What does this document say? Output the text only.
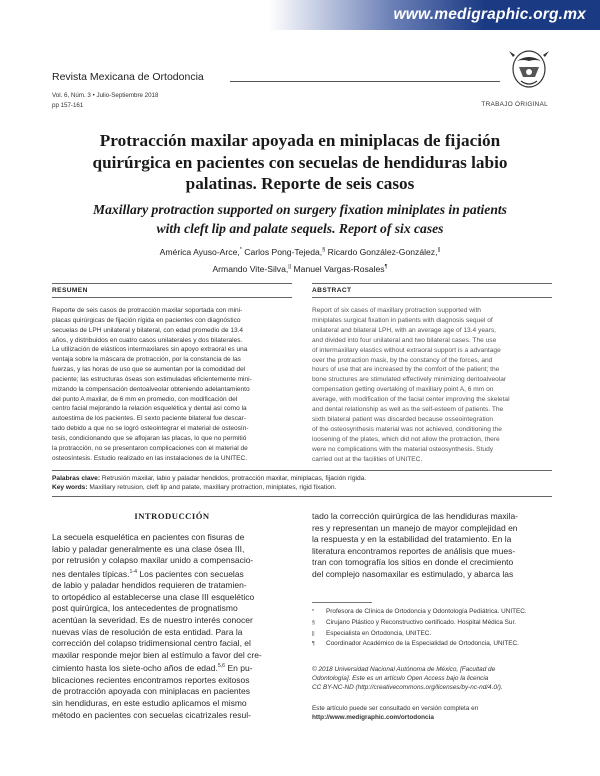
www.medigraphic.org.mx
Revista Mexicana de Ortodoncia
Vol. 6, Núm. 3 • Julio-Septiembre 2018
pp 157-161	TRABAJO ORIGINAL
Protracción maxilar apoyada en miniplacas de fijación
quirúrgica en pacientes con secuelas de hendiduras labio
palatinas. Reporte de seis casos
Maxillary protraction supported on surgery fixation miniplates in patients
with cleft lip and palate sequels. Report of six cases
América Ayuso-Arce,* Carlos Pong-Tejeda,§ Ricardo González-González,||
Armando Vite-Silva,|| Manuel Vargas-Rosales¶
RESUMEN	ABSTRACT
Reporte de seis casos de protracción maxilar soportada con mini-
placas quirúrgicas de fijación rígida en pacientes con diagnóstico
secuelas de LPH unilateral y bilateral, con edad promedio de 13.4
años, y distribuidos en cuatro casos unilaterales y dos bilaterales.
La utilización de elásticos intermaxilares sin apoyo extraoral es una
ventaja sobre la máscara de protracción, por la constancia de las
fuerzas, y las horas de uso que se aumentan por la comodidad del
paciente; las estructuras óseas son estimuladas eficientemente mini-
mizando la compensación dentoalveolar obteniendo adelantamiento
del punto A maxilar, de 6 mm en promedio, con modificación del
centro facial mejorando la relación esquelética y dental así como la
autoestima de los pacientes. El sexto paciente bilateral fue descar-
tado debido a que no se logró osteointegrar el material de osteosín-
tesis, condicionando que se aflojaran las placas, lo que no permitió
la protracción, no se presentaron complicaciones con el material de
osteosíntesis. Estudio realizado en las instalaciones de la UNITEC.
Report of six cases of maxillary protraction supported with
miniplates surgical fixation in patients with diagnosis sequel of
unilateral and bilateral LPH, with an average age of 13.4 years,
and divided into four unilateral and two bilateral cases. The use
of intermaxillary elastics without extraoral support is a advantage
over the protraction mask, by the constancy of the forces, and
hours of use that are increased by the comfort of the patient; the
bone structures are stimulated effectively minimizing dentoalveolar
compensation getting overtaking of maxillary point A, 6 mm on
average, with modification of the facial center improving the skeletal
and dental relationship as well as the self-esteem of patients. The
sixth bilateral patient was discarded because osseointegration
of the osteosynthesis material was not achieved, conditioning the
loosening of the plates, which did not allow the protraction, there
were no complications with the material osteosynthesis. Study
carried out at the facilities of UNITEC.
Palabras clave: Retrusión maxilar, labio y paladar hendidos, protracción maxilar, miniplacas, fijación rígida.
Key words: Maxillary retrusion, cleft lip and palate, maxillary protraction, miniplates, rigid fixation.
INTRODUCCIÓN
La secuela esquelética en pacientes con fisuras de
labio y paladar generalmente es una clase ósea III,
por retrusión y colapso maxilar unido a compensacio-
nes dentales típicas.$^{1-4}$ Los pacientes con secuelas
de labio y paladar hendidos requieren de tratamien-
to ortopédico al establecerse una clase III esquelético
post quirúrgica, los antecedentes de prognatismo
acentúan la severidad. Es de nuestro interés conocer
nuevas vías de resolución de esta entidad. Para la
corrección del colapso tridimensional centro facial, el
maxilar responde mejor bien al estímulo a favor del cre-
cimiento hasta los siete-ocho años de edad.$^{5,6}$ En pu-
blicaciones recientes encontramos reportes exitosos
de protracción apoyada con miniplacas en pacientes
sin hendiduras, en este estudio aplicamos el mismo
método en pacientes con secuelas cicatrizales resul-
tado la corrección quirúrgica de las hendiduras maxila-
res y representan un manejo de mayor complejidad en
la respuesta y en la estabilidad del tratamiento. En la
literatura encontramos reportes de análisis que mues-
tran con tomografía los sitios en donde el crecimiento
del complejo nasomaxilar es estimulado, y abarca las
* Profesora de Clínica de Ortodoncia y Odontología Pediátrica. UNITEC.
§ Cirujano Plástico y Reconstructivo certificado. Hospital Médica Sur.
|| Especialista en Ortodoncia, UNITEC.
¶ Coordinador Académico de la Especialidad de Ortodoncia, UNITEC.
© 2018 Universidad Nacional Autónoma de México, [Facultad de
Odontología]. Este es un artículo Open Access bajo la licencia
CC BY-NC-ND (http://creativecommons.org/licenses/by-nc-nd/4.0/).
Este artículo puede ser consultado en versión completa en
http://www.medigraphic.com/ortodoncia
